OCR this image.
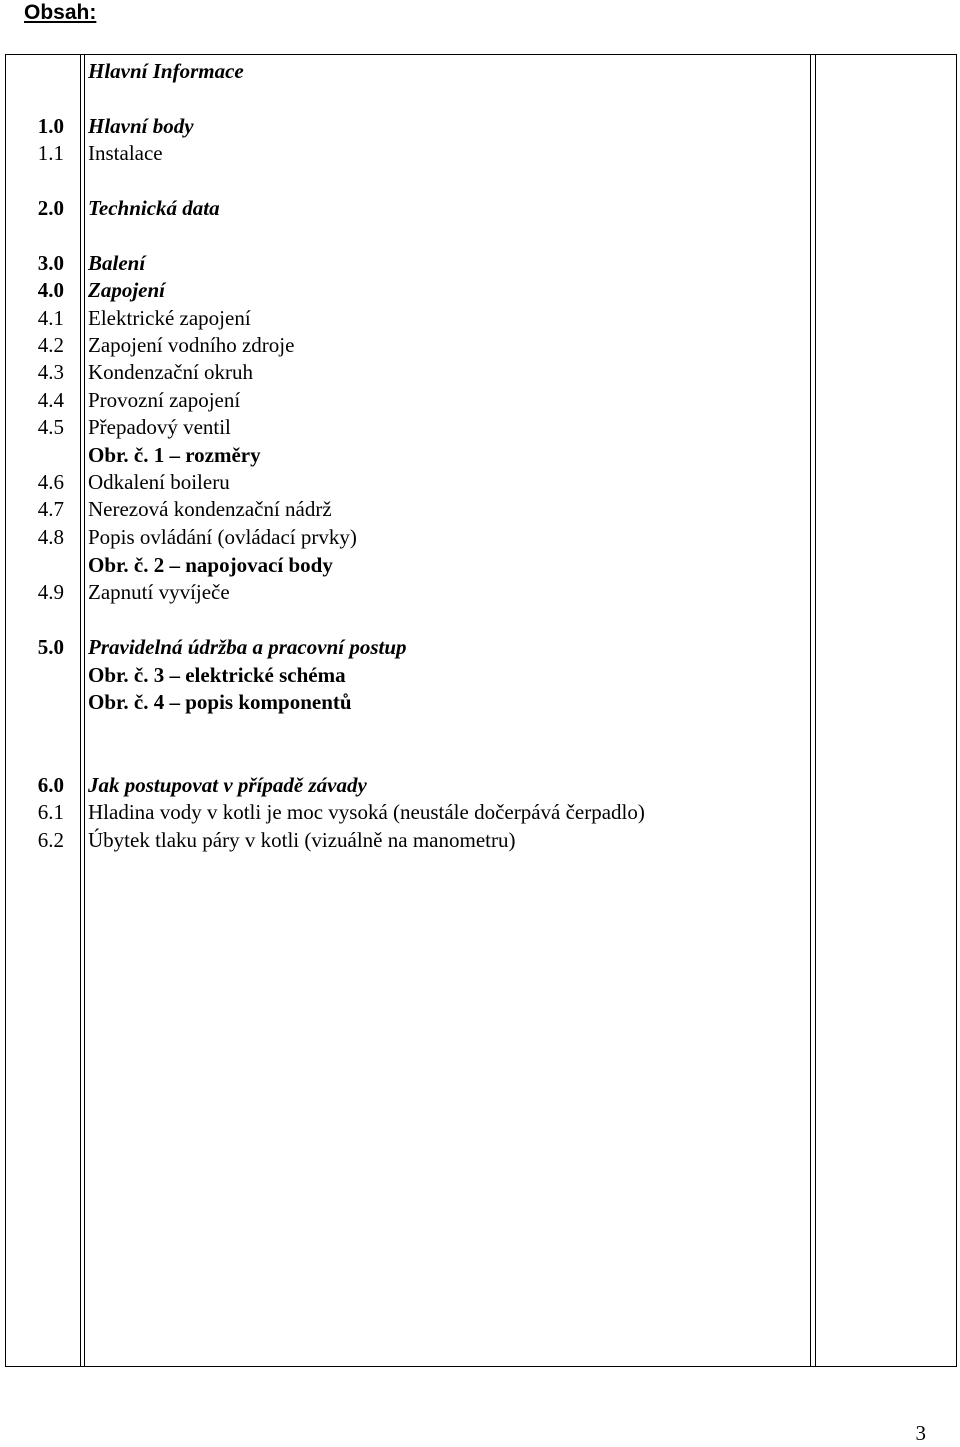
Obsah:
Hlavní Informace
1.0 Hlavní body
1.1 Instalace
2.0 Technická data
3.0 Balení
4.0 Zapojení
4.1 Elektrické zapojení
4.2 Zapojení vodního zdroje
4.3 Kondenzační okruh
4.4 Provozní zapojení
4.5 Přepadový ventil
Obr. č. 1 – rozměry
4.6 Odkalení boileru
4.7 Nerezová kondenzační nádrž
4.8 Popis ovládání (ovládací prvky)
Obr. č. 2 – napojovací body
4.9 Zapnutí vyvíječe
5.0 Pravidelná údržba a pracovní postup
Obr. č. 3 – elektrické schéma
Obr. č. 4 – popis komponentů
6.0 Jak postupovat v případě závady
6.1 Hladina vody v kotli je moc vysoká (neustále dočerpává čerpadlo)
6.2 Úbytek tlaku páry v kotli (vizuálně na manometru)
3
